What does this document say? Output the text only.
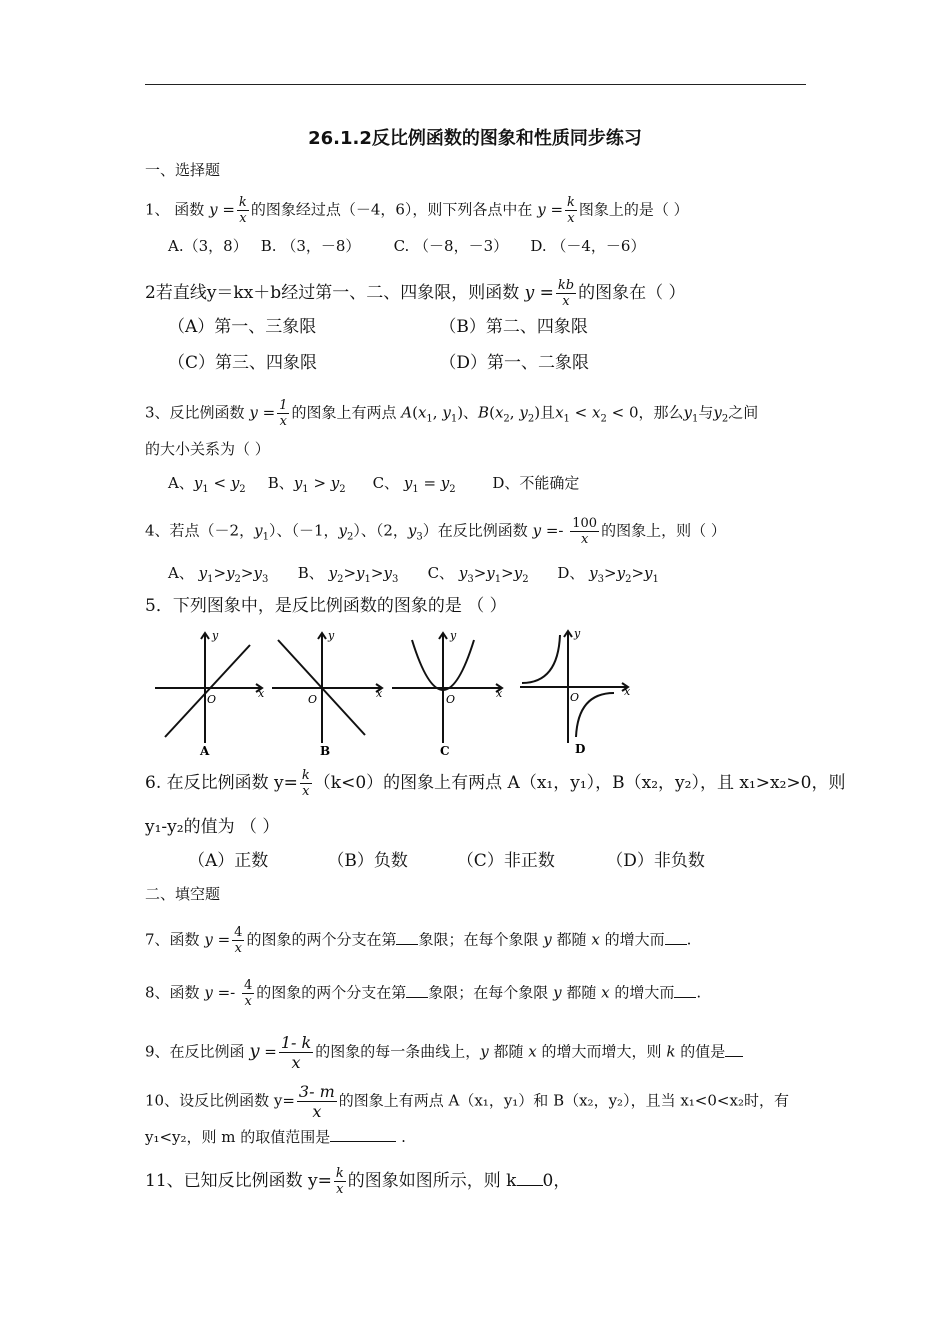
26.1.2反比例函数的图象和性质同步练习
一、选择题
1、 函数 $y = \frac{k}{x}$ 的图象经过点（－4，6），则下列各点中在 $y = \frac{k}{x}$ 图象上的是（ ）
A.（3，8） B. （3，－8） C. （－8，－3） D. （－4，－6）
2若直线y＝kx＋b经过第一、二、四象限，则函数 $y = \frac{kb}{x}$ 的图象在（ ）
（A）第一、三象限	（B）第二、四象限
（C）第三、四象限	（D）第一、二象限
3、反比例函数 $y = \frac{1}{x}$ 的图象上有两点 $A(x_1$, $y_1$)、$B(x_2$, $y_2$)且$x_1 < x_2 < 0$，那么$y_1$与$y_2$之间
的大小关系为（ ）
A、$y_1 < y_2$ B、$y_1 > y_2$ C、 $y_1 = y_2$ D、不能确定
4、若点（－2，$y_1$）、（－1，$y_2$）、（2，$y_3$）在反比例函数 $y =- \frac{100}{x}$ 的图象上，则（ ）
A、 $y_1>y_2>y_3$ B、 $y_2>y_1>y_3$ C、 $y_3>y_1>y_2$ D、 $y_3>y_2>y_1$
5．下列图象中，是反比例函数的图象的是 （ ）
x
y
O
A
x
y
O
B
x
y
O
C
x
y
O
D
6. 在反比例函数 $y= \frac{k}{x} (k<0)$的图象上有两点 A（x₁，y₁），B（x₂，y₂），且 x₁>x₂>0，则
y₁-y₂的值为 （ ）
（A）正数	（B）负数	（C）非正数	（D）非负数
二、填空题
7、函数 $y = \frac{4}{x}$ 的图象的两个分支在第 象限；在每个象限 y 都随 x 的增大而 .
8、函数 $y =- \frac{4}{x}$ 的图象的两个分支在第 象限；在每个象限 y 都随 x 的增大而 .
9、在反比例函 $y = \frac{1- k}{x}$ 的图象的每一条曲线上，y 都随 x 的增大而增大，则 k 的值是
10、设反比例函数 $y= \frac{3- m}{x}$ 的图象上有两点 A（x₁，y₁）和 B（x₂，y₂），且当 x₁<0<x₂时，有
y₁<y₂，则 m 的取值范围是	.
11、已知反比例函数 $y= \frac{k}{x}$ 的图象如图所示，则 k 0，
